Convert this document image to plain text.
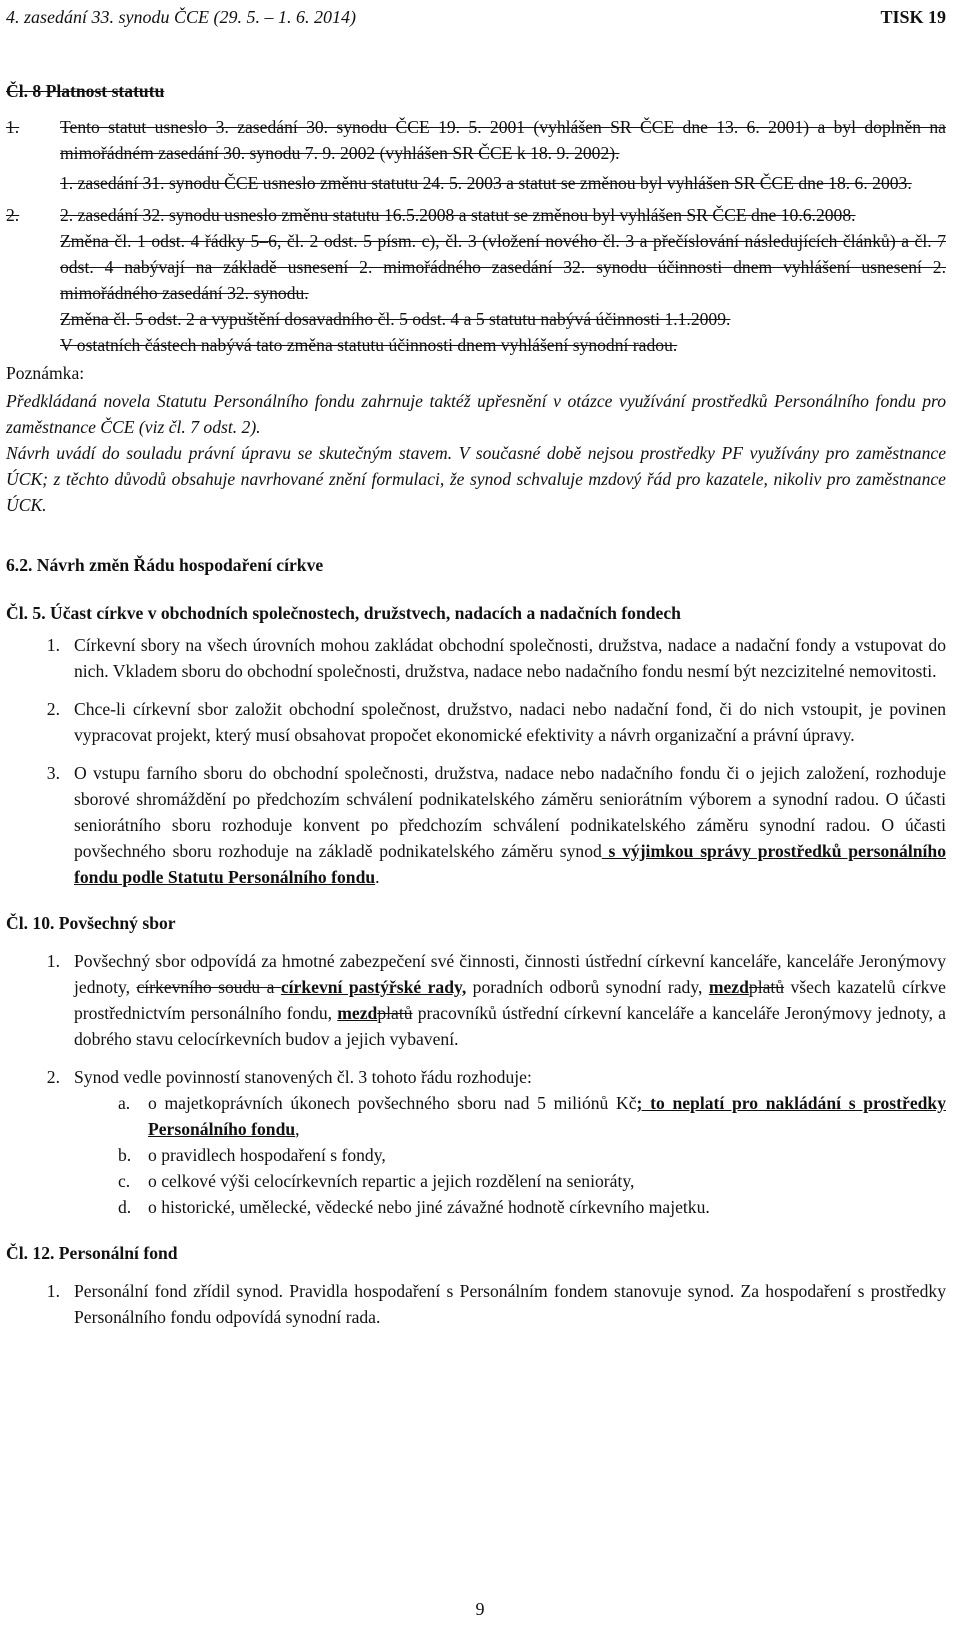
4. zasedání 33. synodu ČCE (29. 5. – 1. 6. 2014)	TISK 19

Čl. 8 Platnost statutu

1.	Tento statut usneslo 3. zasedání 30. synodu ČCE 19. 5. 2001 (vyhlášen SR ČCE dne 13. 6. 2001) a byl doplněn na mimořádném zasedání 30. synodu 7. 9. 2002 (vyhlášen SR ČCE k 18. 9. 2002).

1. zasedání 31. synodu ČCE usneslo změnu statutu 24. 5. 2003 a statut se změnou byl vyhlášen SR ČCE dne 18. 6. 2003.

2.	2. zasedání 32. synodu usneslo změnu statutu 16.5.2008 a statut se změnou byl vyhlášen SR ČCE dne 10.6.2008.

Změna čl. 1 odst. 4 řádky 5–6, čl. 2 odst. 5 písm. c), čl. 3 (vložení nového čl. 3 a přečíslování následujících článků) a čl. 7 odst. 4 nabývají na základě usnesení 2. mimořádného zasedání 32. synodu účinnosti dnem vyhlášení usnesení 2. mimořádného zasedání 32. synodu.

Změna čl. 5 odst. 2 a vypuštění dosavadního čl. 5 odst. 4 a 5 statutu nabývá účinnosti 1.1.2009.

V ostatních částech nabývá tato změna statutu účinnosti dnem vyhlášení synodní radou.

Poznámka:

Předkládaná novela Statutu Personálního fondu zahrnuje taktéž upřesnění v otázce využívání prostředků Personálního fondu pro zaměstnance ČCE (viz čl. 7 odst. 2).

Návrh uvádí do souladu právní úpravu se skutečným stavem. V současné době nejsou prostředky PF využívány pro zaměstnance ÚCK; z těchto důvodů obsahuje navrhované znění formulaci, že synod schvaluje mzdový řád pro kazatele, nikoliv pro zaměstnance ÚCK.

6.2. Návrh změn Řádu hospodaření církve

Čl. 5. Účast církve v obchodních společnostech, družstvech, nadacích a nadačních fondech

1. Církevní sbory na všech úrovních mohou zakládat obchodní společnosti, družstva, nadace a nadační fondy a vstupovat do nich. Vkladem sboru do obchodní společnosti, družstva, nadace nebo nadačního fondu nesmí být nezcizitelné nemovitosti.

2. Chce-li církevní sbor založit obchodní společnost, družstvo, nadaci nebo nadační fond, či do nich vstoupit, je povinen vypracovat projekt, který musí obsahovat propočet ekonomické efektivity a návrh organizační a právní úpravy.

3. O vstupu farního sboru do obchodní společnosti, družstva, nadace nebo nadačního fondu či o jejich založení, rozhoduje sborové shromáždění po předchozím schválení podnikatelského záměru seniorátním výborem a synodní radou. O účasti seniorátního sboru rozhoduje konvent po předchozím schválení podnikatelského záměru synodní radou. O účasti povšechného sboru rozhoduje na základě podnikatelského záměru synod s výjimkou správy prostředků personálního fondu podle Statutu Personálního fondu.

Čl. 10. Povšechný sbor

1. Povšechný sbor odpovídá za hmotné zabezpečení své činnosti, činnosti ústřední církevní kanceláře, kanceláře Jeronýmovy jednoty, církevního soudu a církevní pastýřské rady, poradních odborů synodní rady, mezdplatů všech kazatelů církve prostřednictvím personálního fondu, mezdplatů pracovníků ústřední církevní kanceláře a kanceláře Jeronýmovy jednoty, a dobrého stavu celocírkevních budov a jejich vybavení.

2. Synod vedle povinností stanovených čl. 3 tohoto řádu rozhoduje:

a.	o majetkoprávních úkonech povšechného sboru nad 5 miliónů Kč; to neplatí pro nakládání s prostředky Personálního fondu,

b. o pravidlech hospodaření s fondy,

c.	o celkové výši celocírkevních repartic a jejich rozdělení na senioráty,

d. o historické, umělecké, vědecké nebo jiné závažné hodnotě církevního majetku.

Čl. 12. Personální fond

1. Personální fond zřídil synod. Pravidla hospodaření s Personálním fondem stanovuje synod. Za hospodaření s prostředky Personálního fondu odpovídá synodní rada.

9
